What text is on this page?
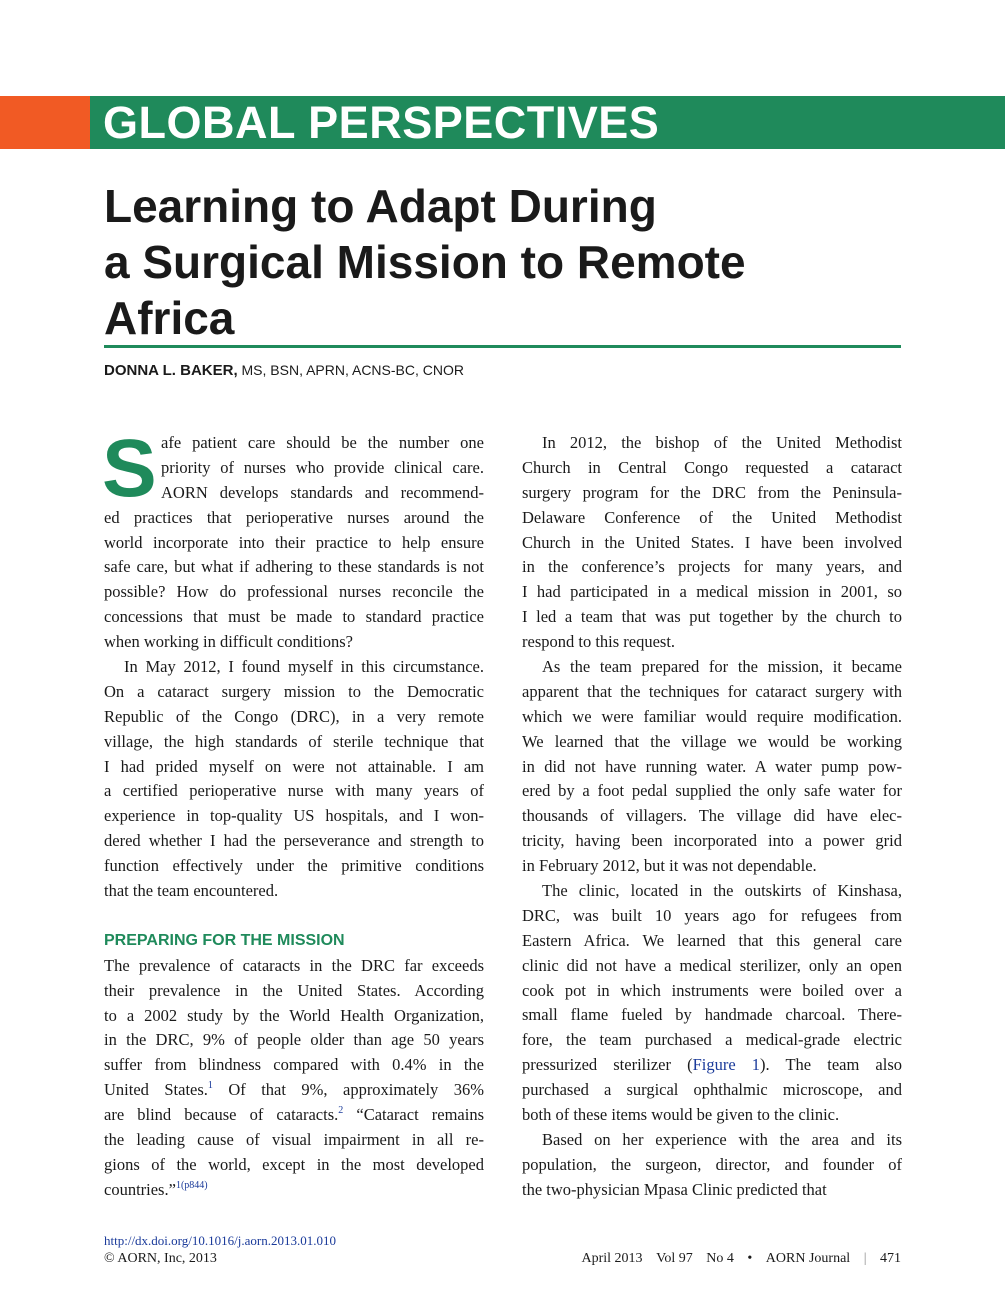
GLOBAL PERSPECTIVES
Learning to Adapt During
a Surgical Mission to Remote
Africa
DONNA L. BAKER, MS, BSN, APRN, ACNS-BC, CNOR
S afe patient care should be the number one
priority of nurses who provide clinical care.
AORN develops standards and recommend-
ed practices that perioperative nurses around the
world incorporate into their practice to help ensure
safe care, but what if adhering to these standards is not
possible? How do professional nurses reconcile the
concessions that must be made to standard practice
when working in difficult conditions?
In May 2012, I found myself in this circumstance.
On a cataract surgery mission to the Democratic
Republic of the Congo (DRC), in a very remote
village, the high standards of sterile technique that
I had prided myself on were not attainable. I am
a certified perioperative nurse with many years of
experience in top-quality US hospitals, and I won-
dered whether I had the perseverance and strength to
function effectively under the primitive conditions
that the team encountered.
PREPARING FOR THE MISSION
The prevalence of cataracts in the DRC far exceeds
their prevalence in the United States. According
to a 2002 study by the World Health Organization,
in the DRC, 9% of people older than age 50 years
suffer from blindness compared with 0.4% in the
United States.$^1$ Of that 9%, approximately 36%
are blind because of cataracts.$^2$ “Cataract remains
the leading cause of visual impairment in all re-
gions of the world, except in the most developed
countries.”$^{1(p844)}$
In 2012, the bishop of the United Methodist
Church in Central Congo requested a cataract
surgery program for the DRC from the Peninsula-
Delaware Conference of the United Methodist
Church in the United States. I have been involved
in the conference’s projects for many years, and
I had participated in a medical mission in 2001, so
I led a team that was put together by the church to
respond to this request.
As the team prepared for the mission, it became
apparent that the techniques for cataract surgery with
which we were familiar would require modification.
We learned that the village we would be working
in did not have running water. A water pump pow-
ered by a foot pedal supplied the only safe water for
thousands of villagers. The village did have elec-
tricity, having been incorporated into a power grid
in February 2012, but it was not dependable.
The clinic, located in the outskirts of Kinshasa,
DRC, was built 10 years ago for refugees from
Eastern Africa. We learned that this general care
clinic did not have a medical sterilizer, only an open
cook pot in which instruments were boiled over a
small flame fueled by handmade charcoal. There-
fore, the team purchased a medical-grade electric
pressurized sterilizer (Figure 1). The team also
purchased a surgical ophthalmic microscope, and
both of these items would be given to the clinic.
Based on her experience with the area and its
population, the surgeon, director, and founder of
the two-physician Mpasa Clinic predicted that
http://dx.doi.org/10.1016/j.aorn.2013.01.010
© AORN, Inc, 2013	April 2013 Vol 97 No 4 • AORN Journal | 471
